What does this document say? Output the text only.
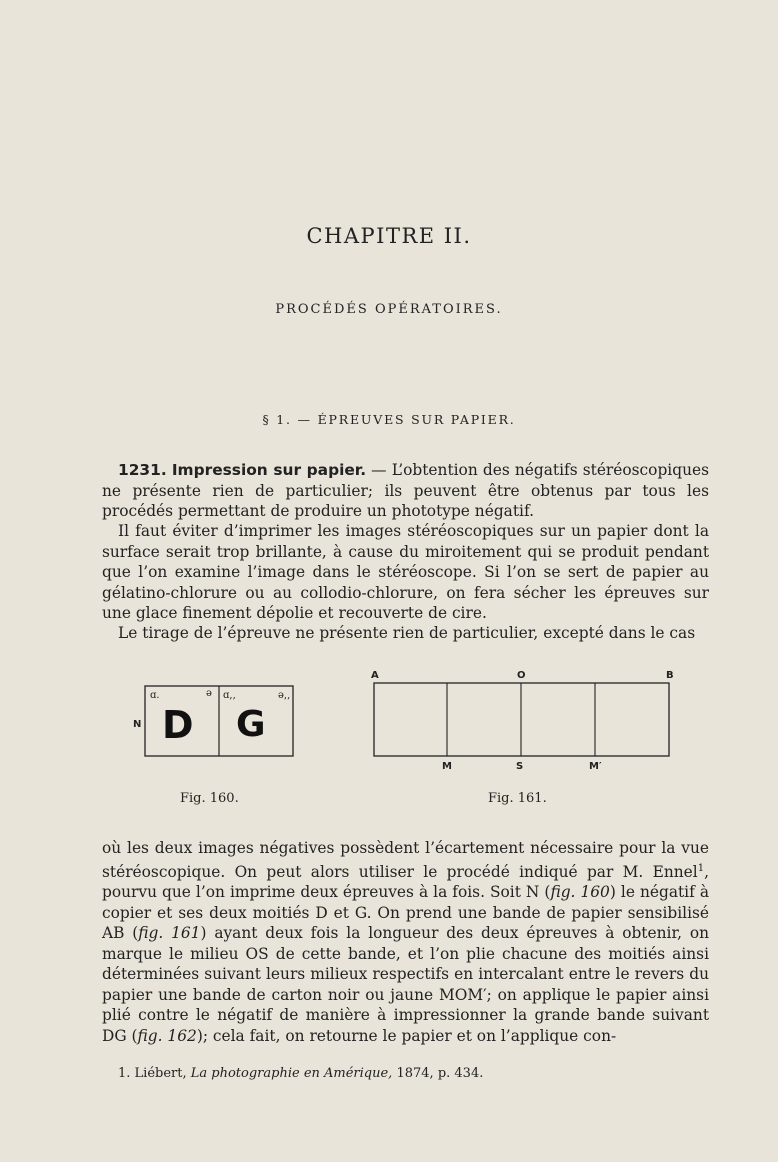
CHAPITRE II.
PROCÉDÉS OPÉRATOIRES.
§ 1. — ÉPREUVES SUR PAPIER.
1231. Impression sur papier. — L’obtention des négatifs stéréoscopiques ne présente rien de particulier; ils peuvent être obtenus par tous les procédés permettant de produire un phototype négatif.
Il faut éviter d’imprimer les images stéréoscopiques sur un papier dont la surface serait trop brillante, à cause du miroitement qui se produit pendant que l’on examine l’image dans le stéréoscope. Si l’on se sert de papier au gélatino-chlorure ou au collodio-chlorure, on fera sécher les épreuves sur une glace finement dépolie et recouverte de cire.
Le tirage de l’épreuve ne présente rien de particulier, excepté dans le cas
N D G
ɑ.	ə ɑ,,	ə,,
Fig. 160.
A	O	B
M	S	M′
Fig. 161.
où les deux images négatives possèdent l’écartement nécessaire pour la vue stéréoscopique. On peut alors utiliser le procédé indiqué par M. Ennel$^1$, pourvu que l’on imprime deux épreuves à la fois. Soit N (fig. 160) le négatif à copier et ses deux moitiés D et G. On prend une bande de papier sensibilisé AB (fig. 161) ayant deux fois la longueur des deux épreuves à obtenir, on marque le milieu OS de cette bande, et l’on plie chacune des moitiés ainsi déterminées suivant leurs milieux respectifs en intercalant entre le revers du papier une bande de carton noir ou jaune MOM′; on applique le papier ainsi plié contre le négatif de manière à impressionner la grande bande suivant DG (fig. 162); cela fait, on retourne le papier et on l’applique con-
1. Liébert, La photographie en Amérique, 1874, p. 434.
